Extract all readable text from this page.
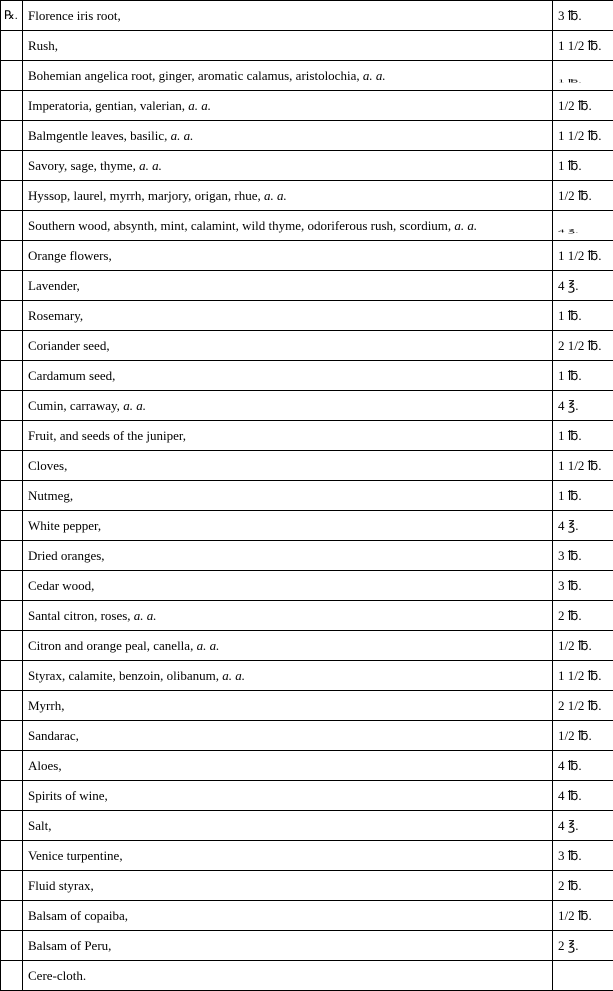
℞.	Florence iris root,	3 ℔.
	Rush,	1 1/2 ℔.
	Bohemian angelica root, ginger, aromatic calamus, aristolochia, a. a.	1 ℔.
	Imperatoria, gentian, valerian, a. a.	1/2 ℔.
	Balmgentle leaves, basilic, a. a.	1 1/2 ℔.
	Savory, sage, thyme, a. a.	1 ℔.
	Hyssop, laurel, myrrh, marjory, origan, rhue, a. a.	1/2 ℔.
	Southern wood, absynth, mint, calamint, wild thyme, odoriferous rush, scordium, a. a.	4 ℥.
	Orange flowers,	1 1/2 ℔.
	Lavender,	4 ℥.
	Rosemary,	1 ℔.
	Coriander seed,	2 1/2 ℔.
	Cardamum seed,	1 ℔.
	Cumin, carraway, a. a.	4 ℥.
	Fruit, and seeds of the juniper,	1 ℔.
	Cloves,	1 1/2 ℔.
	Nutmeg,	1 ℔.
	White pepper,	4 ℥.
	Dried oranges,	3 ℔.
	Cedar wood,	3 ℔.
	Santal citron, roses, a. a.	2 ℔.
	Citron and orange peal, canella, a. a.	1/2 ℔.
	Styrax, calamite, benzoin, olibanum, a. a.	1 1/2 ℔.
	Myrrh,	2 1/2 ℔.
	Sandarac,	1/2 ℔.
	Aloes,	4 ℔.
	Spirits of wine,	4 ℔.
	Salt,	4 ℥.
	Venice turpentine,	3 ℔.
	Fluid styrax,	2 ℔.
	Balsam of copaiba,	1/2 ℔.
	Balsam of Peru,	2 ℥.
	Cere-cloth.	
